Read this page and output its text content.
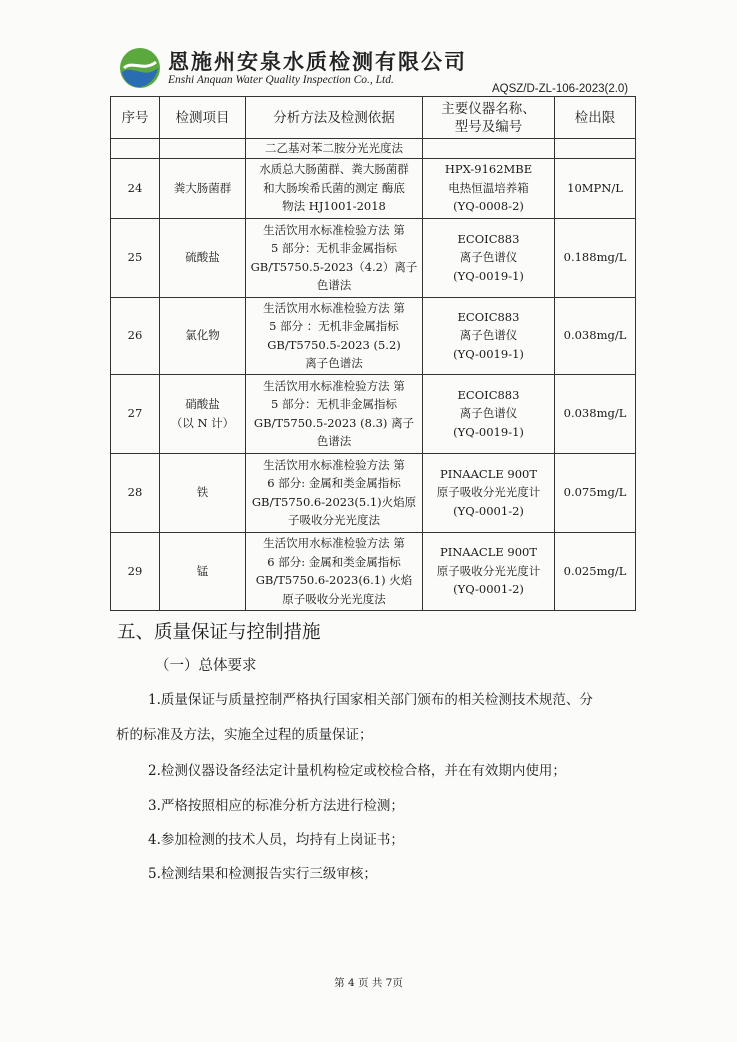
恩施州安泉水质检测有限公司
Enshi Anquan Water Quality Inspection Co., Ltd.
AQSZ/D-ZL-106-2023(2.0)
序号	检测项目	分析方法及检测依据	主要仪器名称、
型号及编号	检出限
		二乙基对苯二胺分光光度法		
24	粪大肠菌群	水质总大肠菌群、粪大肠菌群
和大肠埃希氏菌的测定 酶底
物法 HJ1001-2018	HPX-9162MBE
电热恒温培养箱
(YQ-0008-2)	10MPN/L
25	硫酸盐	生活饮用水标准检验方法 第
5 部分：无机非金属指标
GB/T5750.5-2023（4.2）离子
色谱法	ECOIC883
离子色谱仪
(YQ-0019-1)	0.188mg/L
26	氯化物	生活饮用水标准检验方法 第
5 部分 ：无机非金属指标
GB/T5750.5-2023 (5.2)
离子色谱法	ECOIC883
离子色谱仪
(YQ-0019-1)	0.038mg/L
27	硝酸盐
（以 N 计）	生活饮用水标准检验方法 第
5 部分：无机非金属指标
GB/T5750.5-2023 (8.3) 离子
色谱法	ECOIC883
离子色谱仪
(YQ-0019-1)	0.038mg/L
28	铁	生活饮用水标准检验方法 第
6 部分: 金属和类金属指标
GB/T5750.6-2023(5.1)火焰原
子吸收分光光度法	PINAACLE 900T
原子吸收分光光度计
(YQ-0001-2)	0.075mg/L
29	锰	生活饮用水标准检验方法 第
6 部分: 金属和类金属指标
GB/T5750.6-2023(6.1) 火焰
原子吸收分光光度法	PINAACLE 900T
原子吸收分光光度计
(YQ-0001-2)	0.025mg/L
五、质量保证与控制措施
（一）总体要求
1.质量保证与质量控制严格执行国家相关部门颁布的相关检测技术规范、分
析的标准及方法，实施全过程的质量保证；
2.检测仪器设备经法定计量机构检定或校检合格，并在有效期内使用；
3.严格按照相应的标准分析方法进行检测；
4.参加检测的技术人员，均持有上岗证书；
5.检测结果和检测报告实行三级审核；
第 4 页 共 7页
